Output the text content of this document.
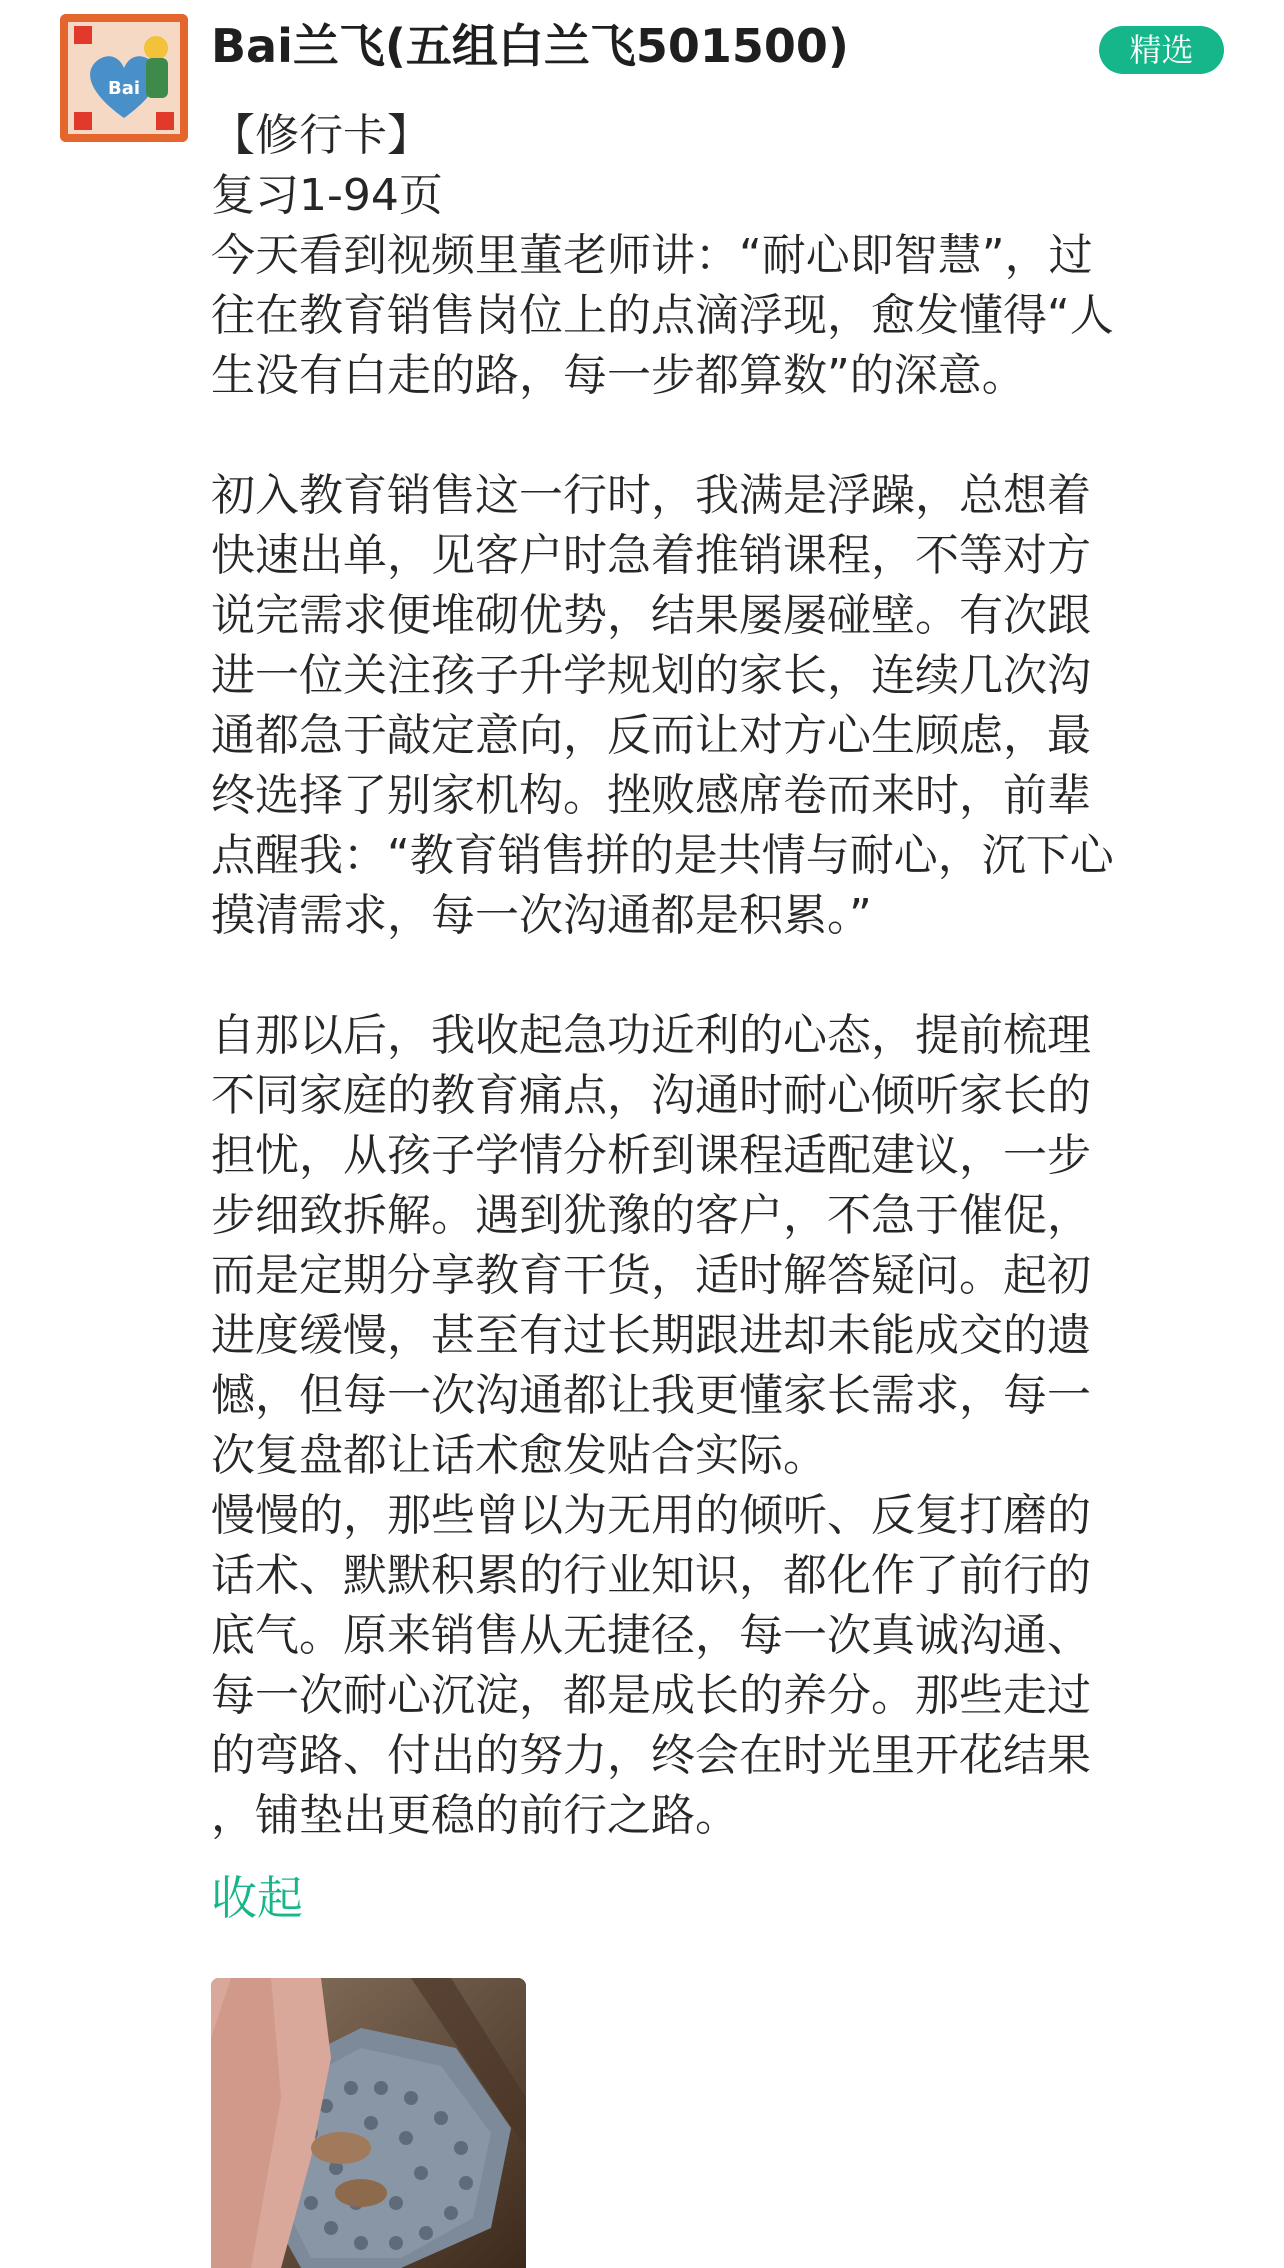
Bai
Bai兰飞(五组白兰飞501500)	精选

【修行卡】

复习1-94页

今天看到视频里董老师讲：“耐心即智慧”，过

往在教育销售岗位上的点滴浮现，愈发懂得“人

生没有白走的路，每一步都算数”的深意。

初入教育销售这一行时，我满是浮躁，总想着

快速出单，见客户时急着推销课程，不等对方

说完需求便堆砌优势，结果屡屡碰壁。有次跟

进一位关注孩子升学规划的家长，连续几次沟

通都急于敲定意向，反而让对方心生顾虑，最

终选择了别家机构。挫败感席卷而来时，前辈

点醒我：“教育销售拼的是共情与耐心，沉下心

摸清需求，每一次沟通都是积累。”

自那以后，我收起急功近利的心态，提前梳理

不同家庭的教育痛点，沟通时耐心倾听家长的

担忧，从孩子学情分析到课程适配建议，一步

步细致拆解。遇到犹豫的客户，不急于催促，

而是定期分享教育干货，适时解答疑问。起初

进度缓慢，甚至有过长期跟进却未能成交的遗

憾，但每一次沟通都让我更懂家长需求，每一

次复盘都让话术愈发贴合实际。

慢慢的，那些曾以为无用的倾听、反复打磨的

话术、默默积累的行业知识，都化作了前行的

底气。原来销售从无捷径，每一次真诚沟通、

每一次耐心沉淀，都是成长的养分。那些走过

的弯路、付出的努力，终会在时光里开花结果

，铺垫出更稳的前行之路。

收起
